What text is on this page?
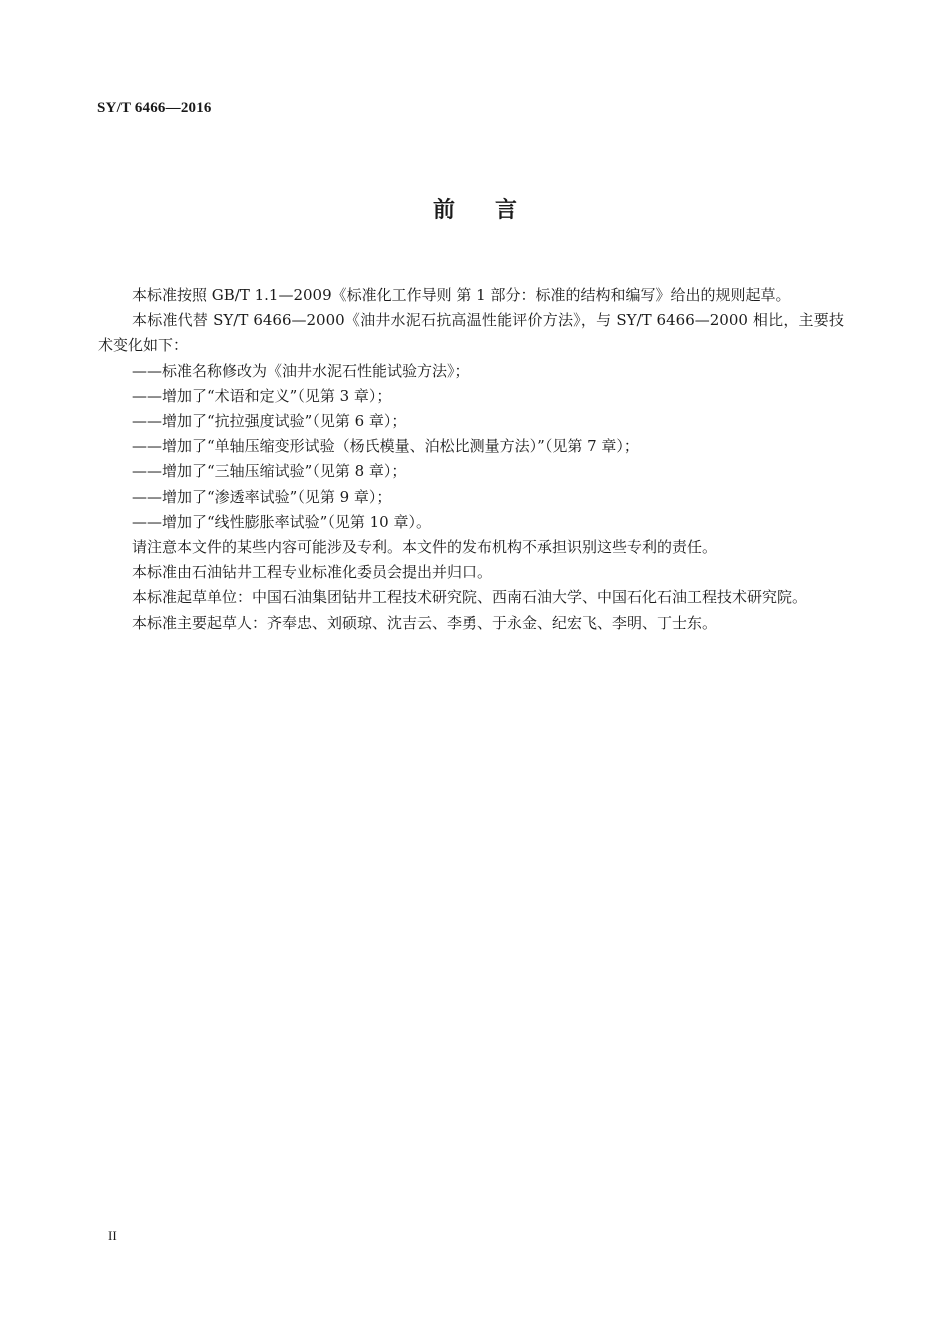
SY/T 6466—2016
前言

本标准按照 GB/T 1.1—2009《标准化工作导则 第 1 部分：标准的结构和编写》给出的规则起草。

本标准代替 SY/T 6466—2000《油井水泥石抗高温性能评价方法》，与 SY/T 6466—2000 相比，主要技术变化如下：

——标准名称修改为《油井水泥石性能试验方法》；
——增加了“术语和定义”（见第 3 章）；
——增加了“抗拉强度试验”（见第 6 章）；
——增加了“单轴压缩变形试验（杨氏模量、泊松比测量方法）”（见第 7 章）；
——增加了“三轴压缩试验”（见第 8 章）；
——增加了“渗透率试验”（见第 9 章）；
——增加了“线性膨胀率试验”（见第 10 章）。

请注意本文件的某些内容可能涉及专利。本文件的发布机构不承担识别这些专利的责任。

本标准由石油钻井工程专业标准化委员会提出并归口。

本标准起草单位：中国石油集团钻井工程技术研究院、西南石油大学、中国石化石油工程技术研究院。

本标准主要起草人：齐奉忠、刘硕琼、沈吉云、李勇、于永金、纪宏飞、李明、丁士东。

II
